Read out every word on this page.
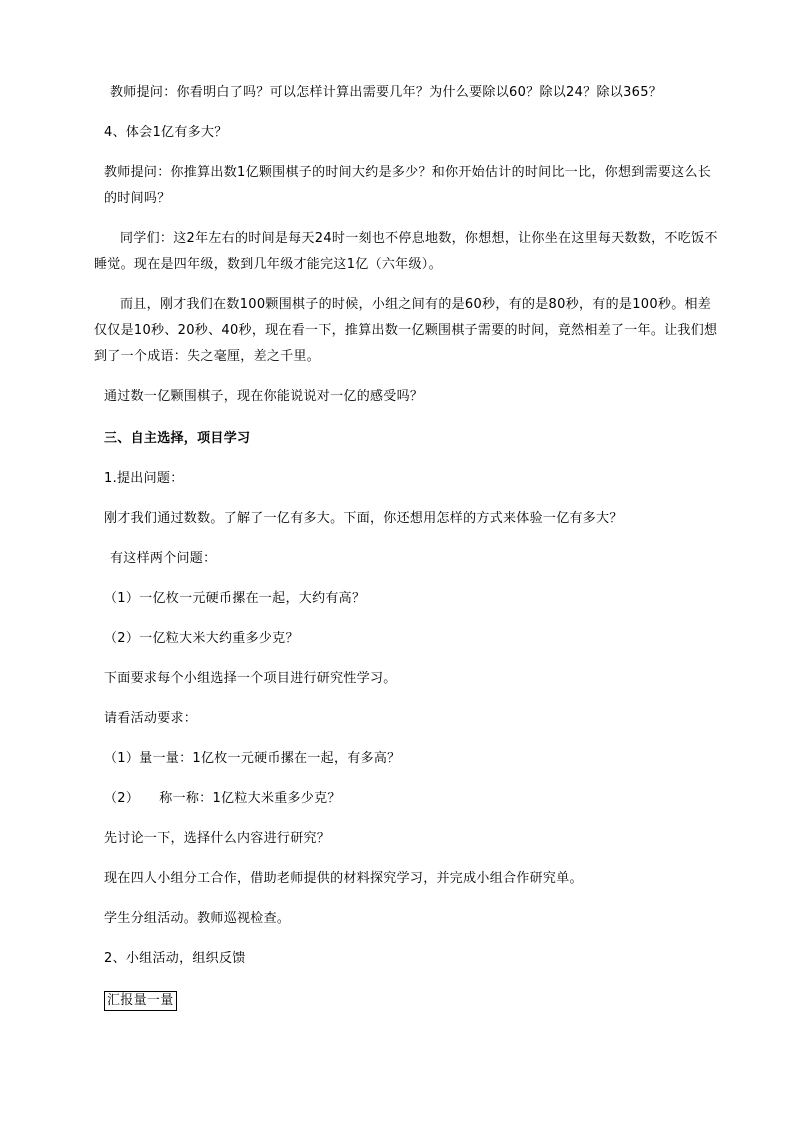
教师提问：你看明白了吗？可以怎样计算出需要几年？为什么要除以60？除以24？除以365？

4、体会1亿有多大？

教师提问：你推算出数1亿颗围棋子的时间大约是多少？和你开始估计的时间比一比，你想到需要这么长的时间吗？

同学们：这2年左右的时间是每天24时一刻也不停息地数，你想想，让你坐在这里每天数数，不吃饭不睡觉。现在是四年级，数到几年级才能完这1亿（六年级）。

而且，刚才我们在数100颗围棋子的时候，小组之间有的是60秒，有的是80秒，有的是100秒。相差仅仅是10秒、20秒、40秒，现在看一下，推算出数一亿颗围棋子需要的时间，竟然相差了一年。让我们想到了一个成语：失之毫厘，差之千里。

通过数一亿颗围棋子，现在你能说说对一亿的感受吗？

三、自主选择，项目学习

1.提出问题：

刚才我们通过数数。了解了一亿有多大。下面，你还想用怎样的方式来体验一亿有多大？

有这样两个问题：

（1）一亿枚一元硬币摞在一起，大约有高？

（2）一亿粒大米大约重多少克？

下面要求每个小组选择一个项目进行研究性学习。

请看活动要求：

（1）量一量：1亿枚一元硬币摞在一起，有多高？

（2）　　称一称：1亿粒大米重多少克？

先讨论一下，选择什么内容进行研究？

现在四人小组分工合作，借助老师提供的材料探究学习，并完成小组合作研究单。

学生分组活动。教师巡视检查。

2、小组活动，组织反馈

汇报量一量
